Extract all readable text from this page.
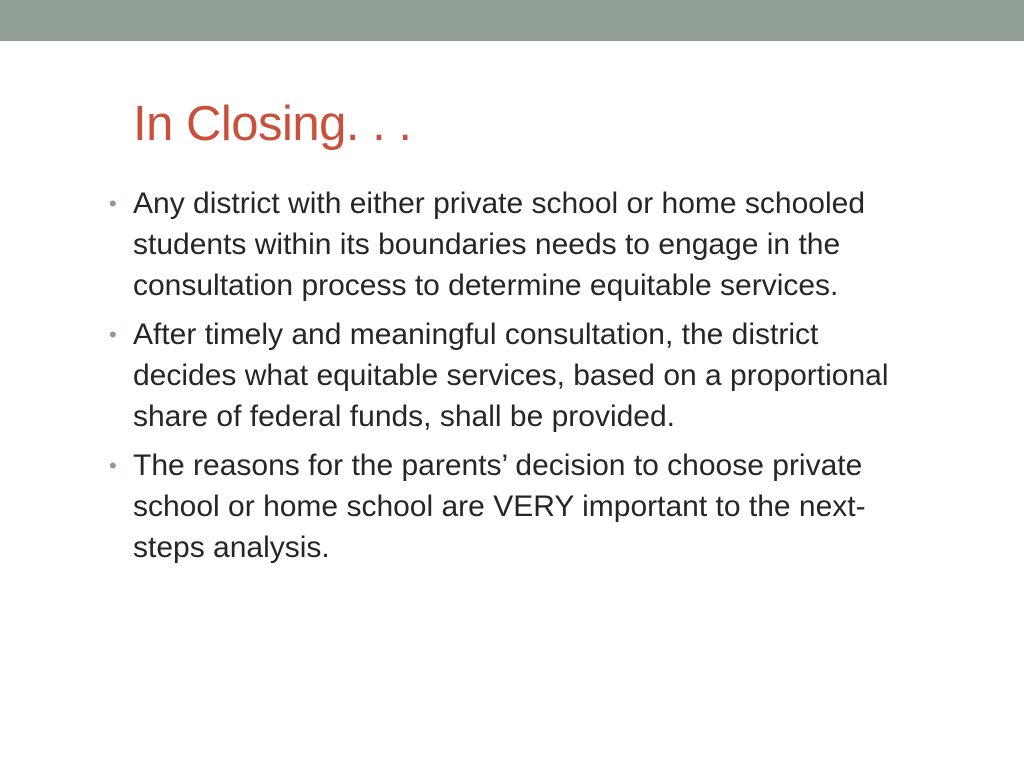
In Closing. . .
• Any district with either private school or home schooled students within its boundaries needs to engage in the consultation process to determine equitable services.
• After timely and meaningful consultation, the district decides what equitable services, based on a proportional share of federal funds, shall be provided.
• The reasons for the parents’ decision to choose private school or home school are VERY important to the next-steps analysis.
